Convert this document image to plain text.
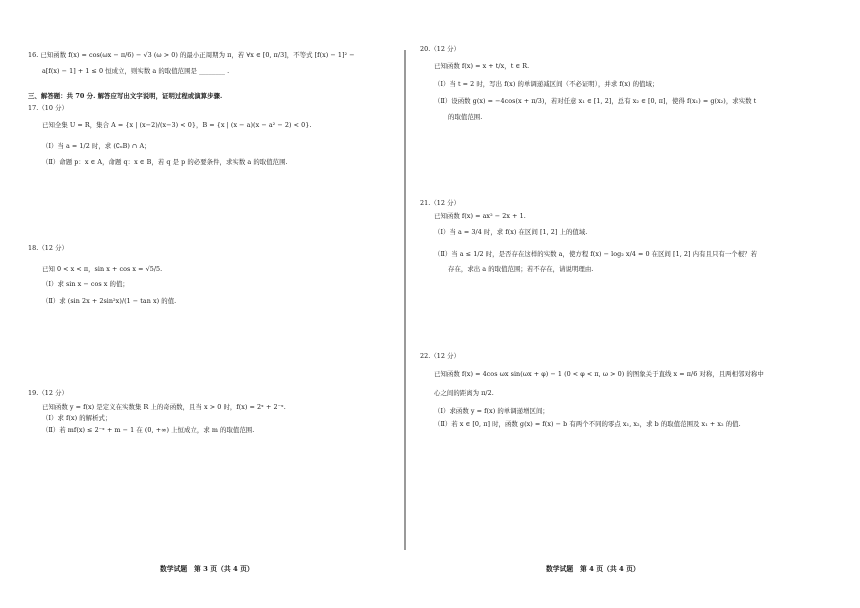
16. 已知函数 f(x) = cos(ωx − π/6) − √3 (ω > 0) 的最小正周期为 π，若 ∀x ∈ [0, π/3]，不等式 [f(x) − 1]² −
a[f(x) − 1] + 1 ≤ 0 恒成立，则实数 a 的取值范围是 ________ .
三、解答题：共 70 分. 解答应写出文字说明，证明过程或演算步骤.
17.（10 分）
已知全集 U = R，集合 A = {x | (x−2)/(x−3) < 0}，B = {x | (x − a)(x − a² − 2) < 0}.
（Ⅰ）当 a = 1/2 时，求 (∁ᵤB) ∩ A；
（Ⅱ）命题 p：x ∈ A，命题 q：x ∈ B，若 q 是 p 的必要条件，求实数 a 的取值范围.
18.（12 分）
已知 0 < x < π，sin x + cos x = √5/5.
（Ⅰ）求 sin x − cos x 的值；
（Ⅱ）求 (sin 2x + 2sin²x)/(1 − tan x) 的值.
19.（12 分）
已知函数 y = f(x) 是定义在实数集 R 上的奇函数，且当 x > 0 时，f(x) = 2ˣ + 2⁻ˣ.
（Ⅰ）求 f(x) 的解析式；
（Ⅱ）若 mf(x) ≤ 2⁻ˣ + m − 1 在 (0, +∞) 上恒成立，求 m 的取值范围.
数学试题　第 3 页（共 4 页）
20.（12 分）
已知函数 f(x) = x + t/x，t ∈ R.
（Ⅰ）当 t = 2 时，写出 f(x) 的单调递减区间（不必证明），并求 f(x) 的值域；
（Ⅱ）设函数 g(x) = −4cos(x + π/3)，若对任意 x₁ ∈ [1, 2]，总有 x₂ ∈ [0, π]，使得 f(x₁) = g(x₂)，求实数 t
的取值范围.
21.（12 分）
已知函数 f(x) = ax² − 2x + 1.
（Ⅰ）当 a = 3/4 时，求 f(x) 在区间 [1, 2] 上的值域.
（Ⅱ）当 a ≤ 1/2 时，是否存在这样的实数 a，使方程 f(x) − log₂ x/4 = 0 在区间 [1, 2] 内有且只有一个根？若
存在，求出 a 的取值范围；若不存在，请说明理由.
22.（12 分）
已知函数 f(x) = 4cos ωx sin(ωx + φ) − 1 (0 < φ < π, ω > 0) 的图象关于直线 x = π/6 对称，且两相邻对称中
心之间的距离为 π/2.
（Ⅰ）求函数 y = f(x) 的单调递增区间；
（Ⅱ）若 x ∈ [0, π] 时，函数 g(x) = f(x) − b 有两个不同的零点 x₁, x₂，求 b 的取值范围及 x₁ + x₂ 的值.
数学试题　第 4 页（共 4 页）
